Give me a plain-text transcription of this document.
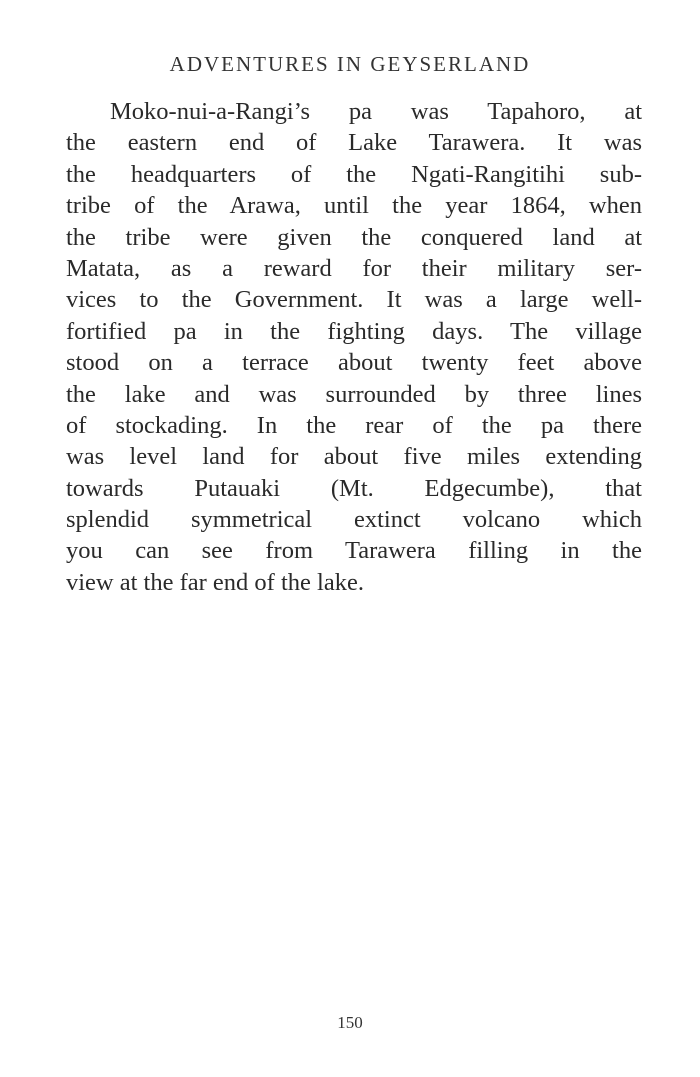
ADVENTURES IN GEYSERLAND
Moko-nui-a-Rangi’s pa was Tapahoro, at
the eastern end of Lake Tarawera. It was
the headquarters of the Ngati-Rangitihi sub-
tribe of the Arawa, until the year 1864, when
the tribe were given the conquered land at
Matata, as a reward for their military ser-
vices to the Government. It was a large well-
fortified pa in the fighting days. The village
stood on a terrace about twenty feet above
the lake and was surrounded by three lines
of stockading. In the rear of the pa there
was level land for about five miles extending
towards Putauaki (Mt. Edgecumbe), that
splendid symmetrical extinct volcano which
you can see from Tarawera filling in the
view at the far end of the lake.
150
